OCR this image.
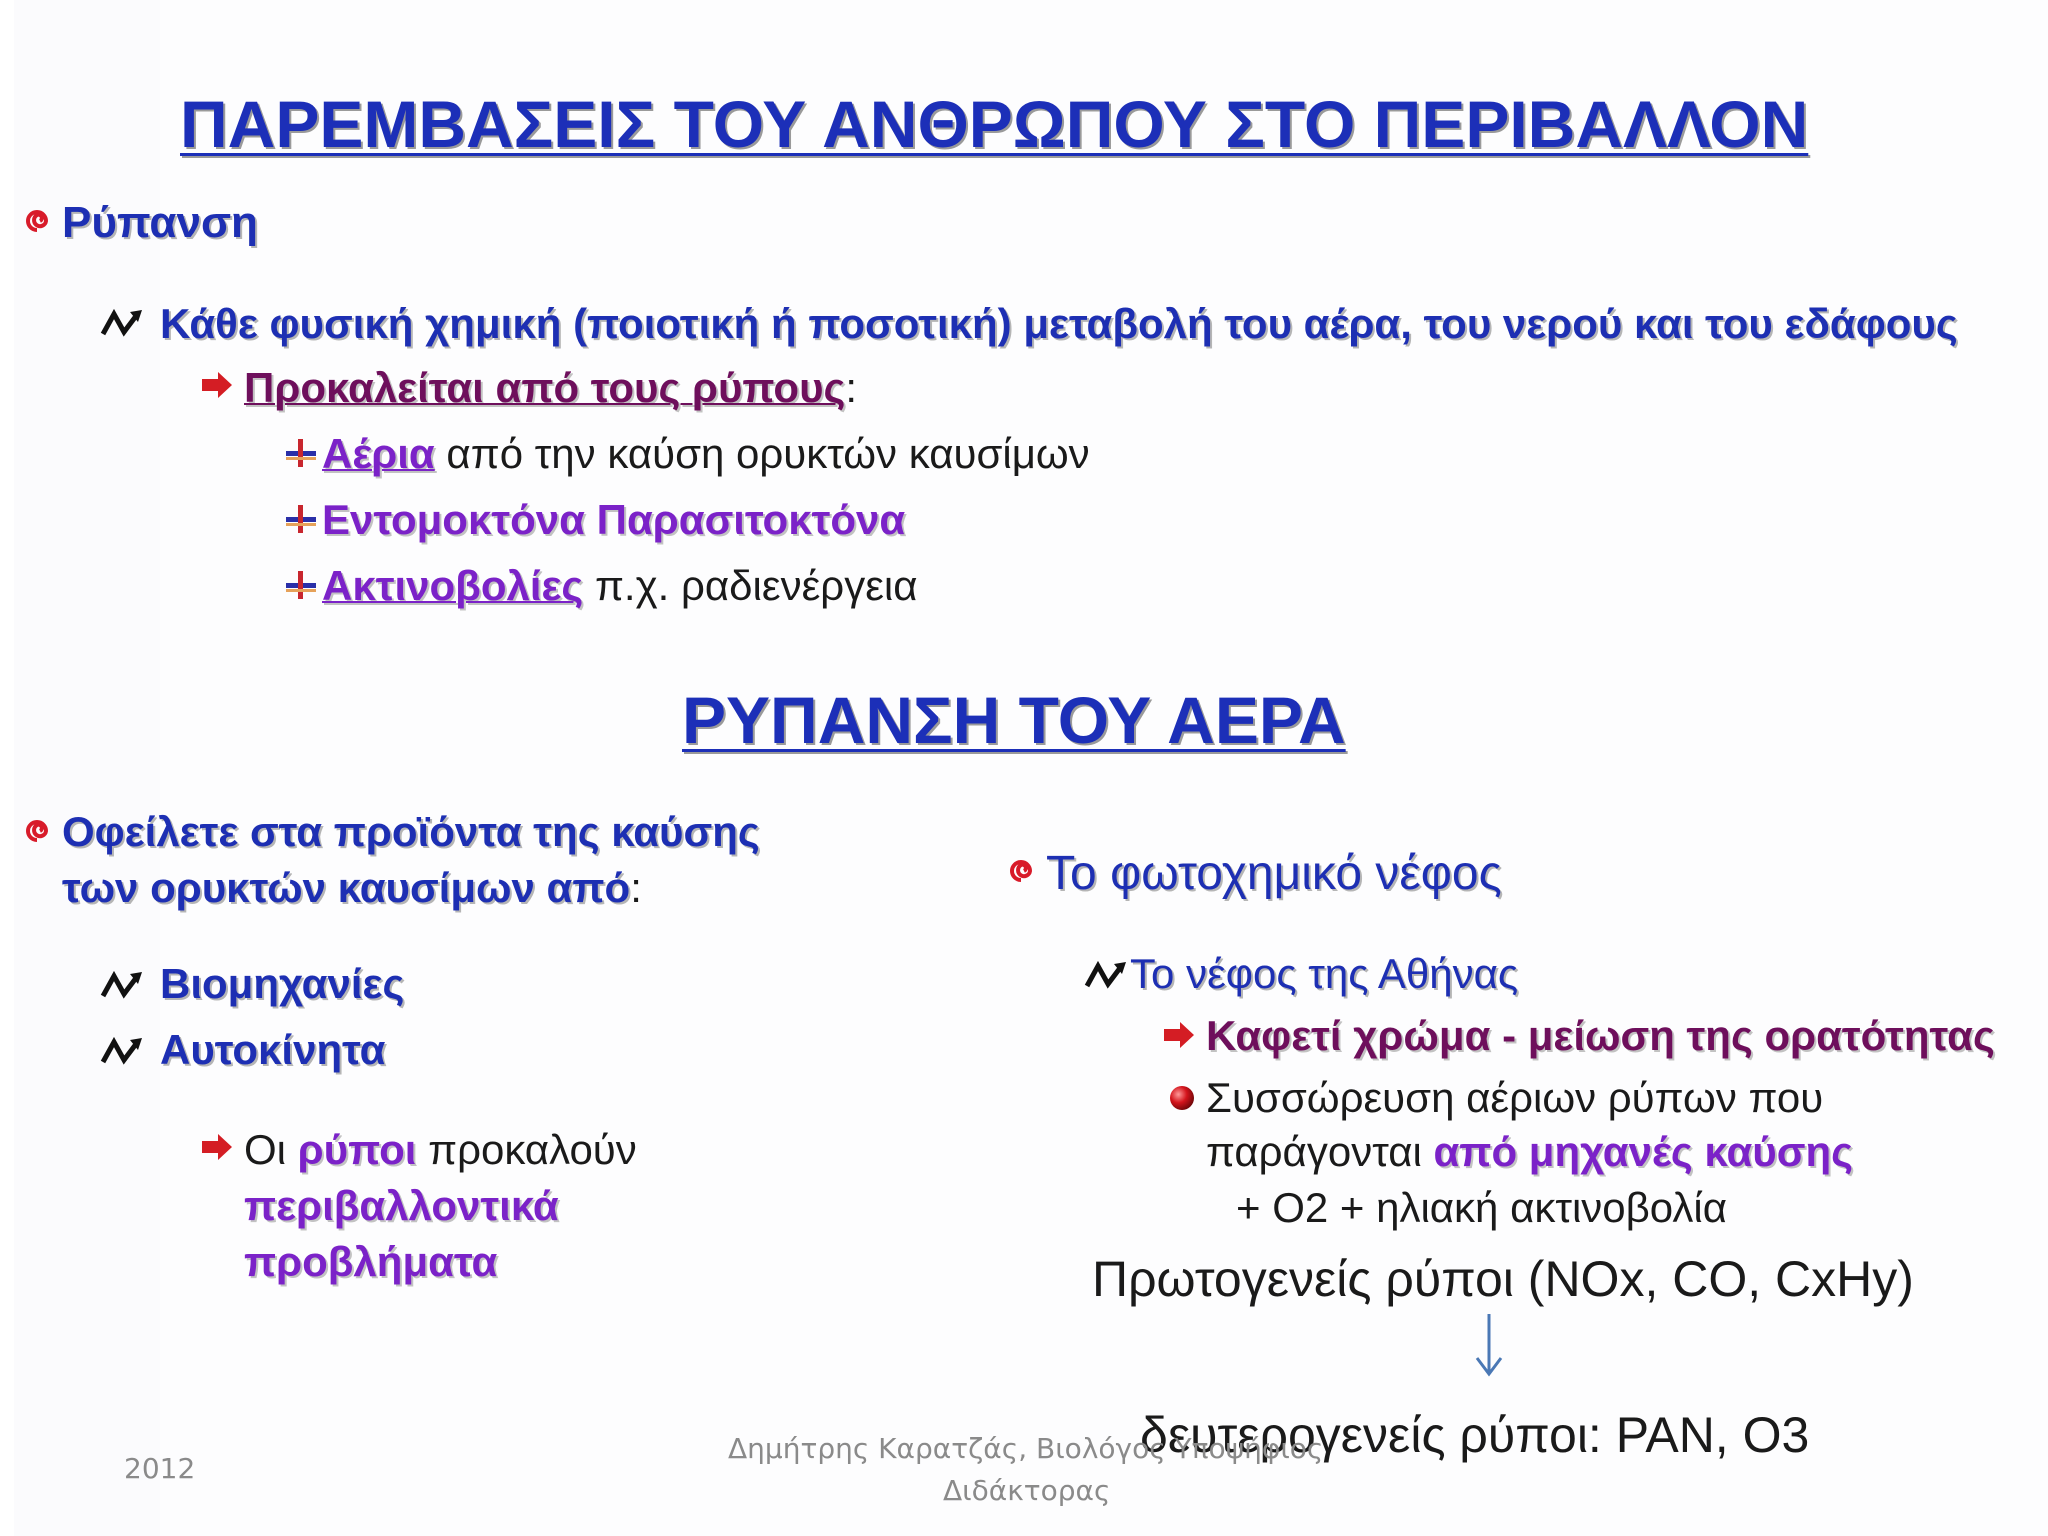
ΠΑΡΕΜΒΑΣΕΙΣ ΤΟΥ ΑΝΘΡΩΠΟΥ ΣΤΟ ΠΕΡΙΒΑΛΛΟΝ
Ρύπανση
Κάθε φυσική χημική (ποιοτική ή ποσοτική) μεταβολή του αέρα, του νερού και του εδάφους
Προκαλείται από τους ρύπους:
Αέρια από την καύση ορυκτών καυσίμων
Εντομοκτόνα Παρασιτοκτόνα
Ακτινοβολίες π.χ. ραδιενέργεια
ΡΥΠΑΝΣΗ ΤΟΥ ΑΕΡΑ
Οφείλετε στα προϊόντα της καύσης
των ορυκτών καυσίμων από:
Βιομηχανίες
Αυτοκίνητα
Οι ρύποι προκαλούν
περιβαλλοντικά
προβλήματα
Το φωτοχημικό νέφος
Το νέφος της Αθήνας
Καφετί χρώμα - μείωση της ορατότητας
Συσσώρευση αέριων ρύπων που
παράγονται από μηχανές καύσης
+ O2 + ηλιακή ακτινοβολία
Πρωτογενείς ρύποι (NOx, CO, CxHy)
δευτερογενείς ρύποι: PAN, O3
2012
Δημήτρης Καρατζάς, Βιολόγος Υποψήφιος
Διδάκτορας
